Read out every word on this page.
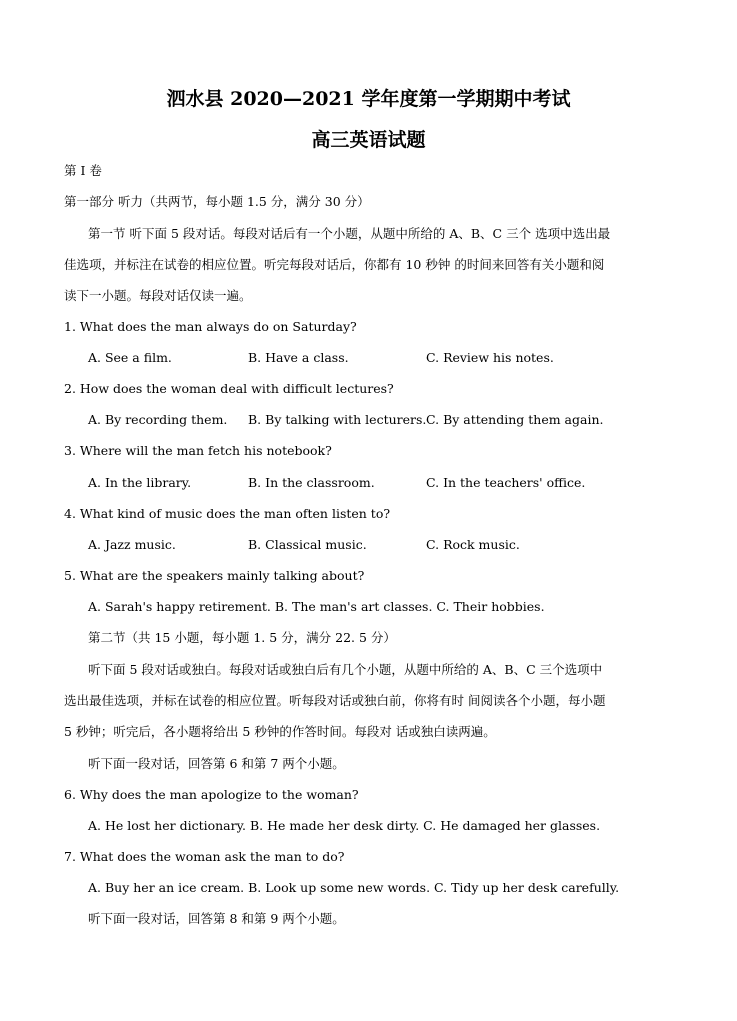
泗水县 2020—2021 学年度第一学期期中考试
高三英语试题
第 I 卷
第一部分 听力（共两节，每小题 1.5 分，满分 30 分）
第一节 听下面 5 段对话。每段对话后有一个小题，从题中所给的 A、B、C 三个 选项中选出最
佳选项，并标注在试卷的相应位置。听完每段对话后，你都有 10 秒钟 的时间来回答有关小题和阅
读下一小题。每段对话仅读一遍。
1. What does the man always do on Saturday?
A. See a film.	B. Have a class.	C. Review his notes.
2. How does the woman deal with difficult lectures?
A. By recording them. B. By talking with lecturers. C. By attending them again.
3. Where will the man fetch his notebook?
A. In the library.	B. In the classroom.	C. In the teachers' office.
4. What kind of music does the man often listen to?
A. Jazz music.	B. Classical music.	C. Rock music.
5. What are the speakers mainly talking about?
A. Sarah's happy retirement. B. The man's art classes. C. Their hobbies.
第二节（共 15 小题，每小题 1. 5 分，满分 22. 5 分）
听下面 5 段对话或独白。每段对话或独白后有几个小题，从题中所给的 A、B、C 三个选项中
选出最佳选项，并标在试卷的相应位置。听每段对话或独白前，你将有时 间阅读各个小题，每小题
5 秒钟；听完后，各小题将给出 5 秒钟的作答时间。每段对 话或独白读两遍。
听下面一段对话，回答第 6 和第 7 两个小题。
6. Why does the man apologize to the woman?
A. He lost her dictionary. B. He made her desk dirty. C. He damaged her glasses.
7. What does the woman ask the man to do?
A. Buy her an ice cream. B. Look up some new words. C. Tidy up her desk carefully.
听下面一段对话，回答第 8 和第 9 两个小题。
